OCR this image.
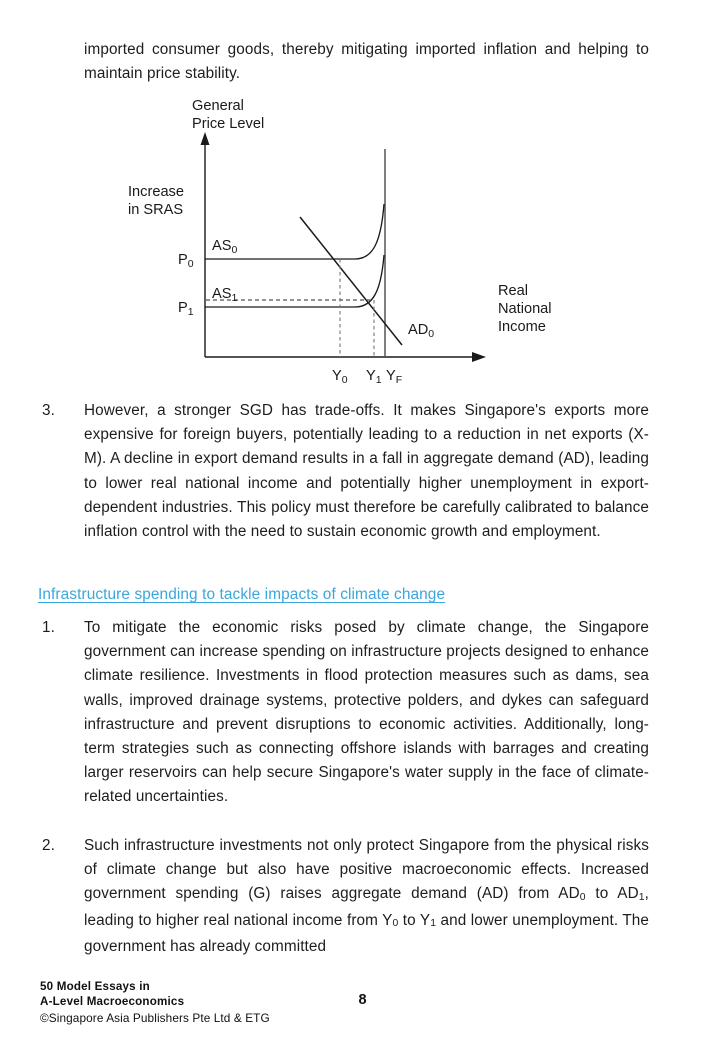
imported consumer goods, thereby mitigating imported inflation and helping to maintain price stability.
General
Price Level
Increase
in SRAS
Real
National
Income
$AS_0$
$AS_1$
$AD_0$
$P_0$
$P_1$
$Y_0$ $Y_1$ $Y_F$
3.	However, a stronger SGD has trade-offs. It makes Singapore's exports more expensive for foreign buyers, potentially leading to a reduction in net exports (X-M). A decline in export demand results in a fall in aggregate demand (AD), leading to lower real national income and potentially higher unemployment in export-dependent industries. This policy must therefore be carefully calibrated to balance inflation control with the need to sustain economic growth and employment.
Infrastructure spending to tackle impacts of climate change
1.	To mitigate the economic risks posed by climate change, the Singapore government can increase spending on infrastructure projects designed to enhance climate resilience. Investments in flood protection measures such as dams, sea walls, improved drainage systems, protective polders, and dykes can safeguard infrastructure and prevent disruptions to economic activities. Additionally, long-term strategies such as connecting offshore islands with barrages and creating larger reservoirs can help secure Singapore's water supply in the face of climate-related uncertainties.
2.	Such infrastructure investments not only protect Singapore from the physical risks of climate change but also have positive macroeconomic effects. Increased government spending (G) raises aggregate demand (AD) from $AD_0$ to $AD_1$, leading to higher real national income from $Y_0$ to $Y_1$ and lower unemployment. The government has already committed
50 Model Essays in
A-Level Macroeconomics
©Singapore Asia Publishers Pte Ltd & ETG
8
